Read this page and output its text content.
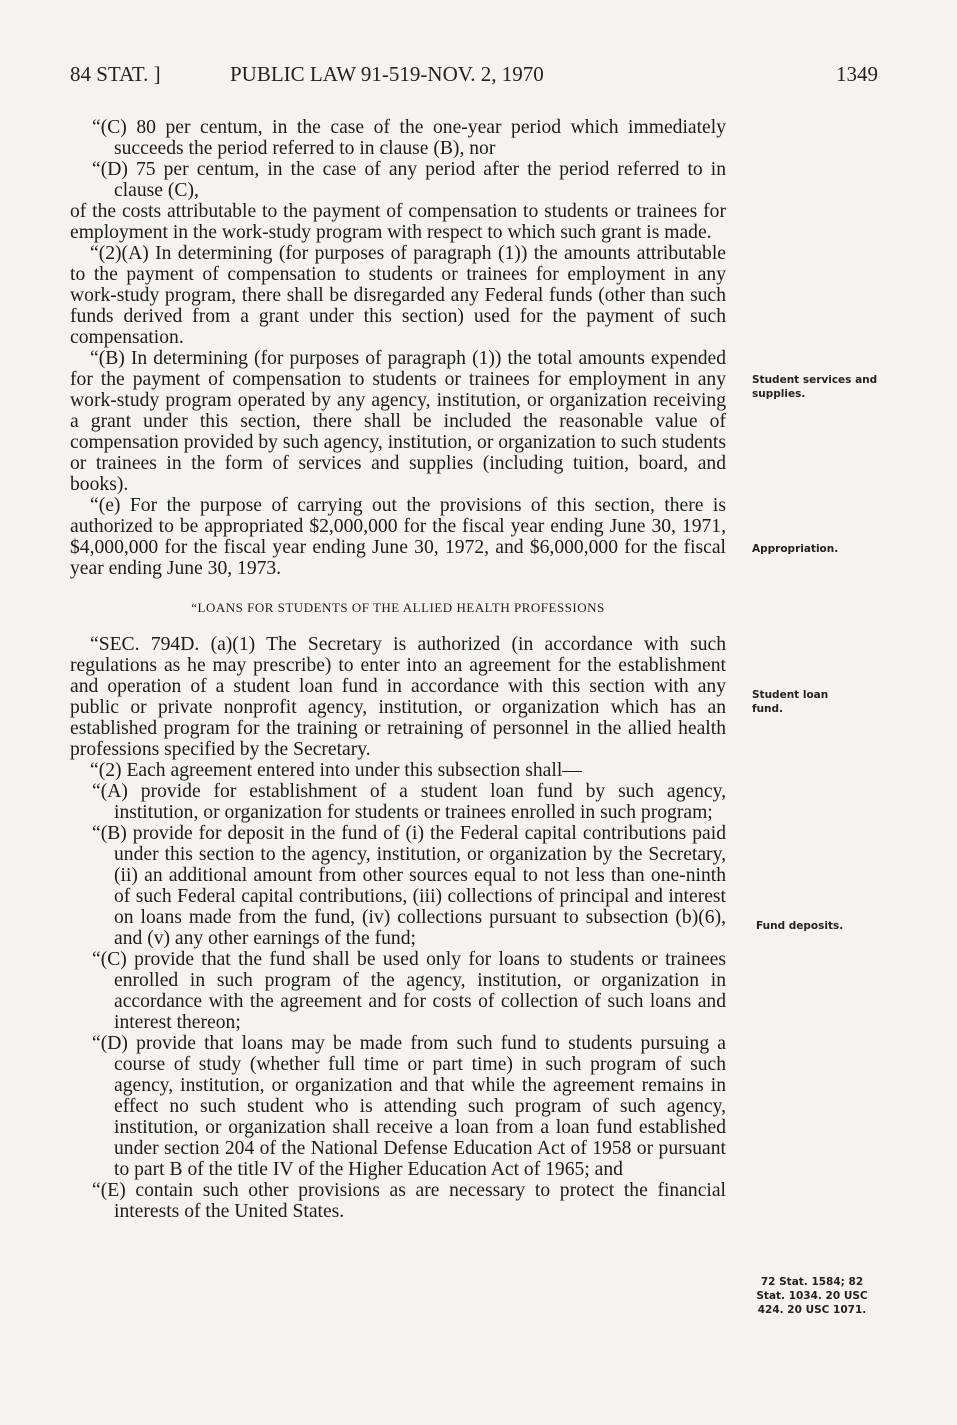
84 STAT. ]	PUBLIC LAW 91-519-NOV. 2, 1970	1349

“(C) 80 per centum, in the case of the one-year period which immediately succeeds the period referred to in clause (B), nor

“(D) 75 per centum, in the case of any period after the period referred to in clause (C),

of the costs attributable to the payment of compensation to students or trainees for employment in the work-study program with respect to which such grant is made.

“(2)(A) In determining (for purposes of paragraph (1)) the amounts attributable to the payment of compensation to students or trainees for employment in any work-study program, there shall be disregarded any Federal funds (other than such funds derived from a grant under this section) used for the payment of such compensation.

“(B) In determining (for purposes of paragraph (1)) the total amounts expended for the payment of compensation to students or trainees for employment in any work-study program operated by any agency, institution, or organization receiving a grant under this section, there shall be included the reasonable value of compensation provided by such agency, institution, or organization to such students or trainees in the form of services and supplies (including tuition, board, and books).

“(e) For the purpose of carrying out the provisions of this section, there is authorized to be appropriated $2,000,000 for the fiscal year ending June 30, 1971, $4,000,000 for the fiscal year ending June 30, 1972, and $6,000,000 for the fiscal year ending June 30, 1973.

“LOANS FOR STUDENTS OF THE ALLIED HEALTH PROFESSIONS

“SEC. 794D. (a)(1) The Secretary is authorized (in accordance with such regulations as he may prescribe) to enter into an agreement for the establishment and operation of a student loan fund in accordance with this section with any public or private nonprofit agency, institution, or organization which has an established program for the training or retraining of personnel in the allied health professions specified by the Secretary.

“(2) Each agreement entered into under this subsection shall—

“(A) provide for establishment of a student loan fund by such agency, institution, or organization for students or trainees enrolled in such program;

“(B) provide for deposit in the fund of (i) the Federal capital contributions paid under this section to the agency, institution, or organization by the Secretary, (ii) an additional amount from other sources equal to not less than one-ninth of such Federal capital contributions, (iii) collections of principal and interest on loans made from the fund, (iv) collections pursuant to subsection (b)(6), and (v) any other earnings of the fund;

“(C) provide that the fund shall be used only for loans to students or trainees enrolled in such program of the agency, institution, or organization in accordance with the agreement and for costs of collection of such loans and interest thereon;

“(D) provide that loans may be made from such fund to students pursuing a course of study (whether full time or part time) in such program of such agency, institution, or organization and that while the agreement remains in effect no such student who is attending such program of such agency, institution, or organization shall receive a loan from a loan fund established under section 204 of the National Defense Education Act of 1958 or pursuant to part B of the title IV of the Higher Education Act of 1965; and

“(E) contain such other provisions as are necessary to protect the financial interests of the United States.

Student services and supplies.
Appropriation.
Student loan fund.
Fund deposits.
72 Stat. 1584; 82 Stat. 1034. 20 USC 424. 20 USC 1071.
